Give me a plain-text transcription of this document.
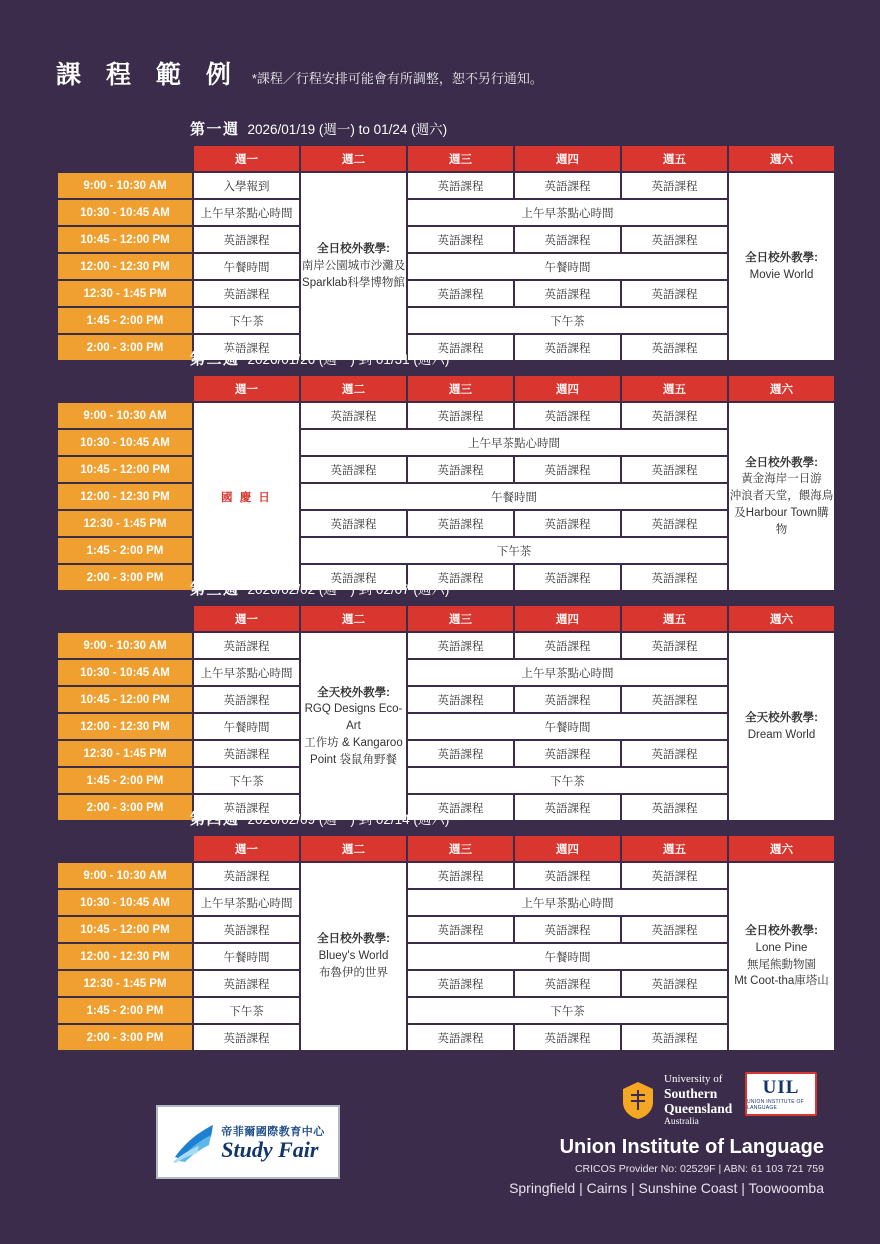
課 程 範 例 *課程／行程安排可能會有所調整，恕不另行通知。
第一週 2026/01/19 (週一) to 01/24 (週六)
	週一	週二	週三	週四	週五	週六
9:00 - 10:30 AM	入學報到	全日校外教學:
南岸公園城市沙灘及
Sparklab科學博物館	英語課程	英語課程	英語課程	全日校外教學:
Movie World
10:30 - 10:45 AM	上午早茶點心時間		上午早茶點心時間			
10:45 - 12:00 PM	英語課程		英語課程	英語課程	英語課程	
12:00 - 12:30 PM	午餐時間		午餐時間			
12:30 - 1:45 PM	英語課程		英語課程	英語課程	英語課程	
1:45 - 2:00 PM	下午茶		下午茶			
2:00 - 3:00 PM	英語課程		英語課程	英語課程	英語課程	
第二週 2026/01/26 (週一) 到 01/31 (週六)
	週一	週二	週三	週四	週五	週六
9:00 - 10:30 AM	國 慶 日	英語課程	英語課程	英語課程	英語課程	全日校外教學:
黃金海岸一日游
沖浪者天堂，餵海鳥
及Harbour Town購物
10:30 - 10:45 AM		上午早茶點心時間				
10:45 - 12:00 PM		英語課程	英語課程	英語課程	英語課程	
12:00 - 12:30 PM		午餐時間				
12:30 - 1:45 PM		英語課程	英語課程	英語課程	英語課程	
1:45 - 2:00 PM		下午茶				
2:00 - 3:00 PM		英語課程	英語課程	英語課程	英語課程	
第三週 2026/02/02 (週一) 到 02/07 (週六)
	週一	週二	週三	週四	週五	週六
9:00 - 10:30 AM	英語課程	全天校外教學:
RGQ Designs Eco-Art
工作坊 & Kangaroo
Point 袋鼠角野餐	英語課程	英語課程	英語課程	全天校外教學:
Dream World
10:30 - 10:45 AM	上午早茶點心時間		上午早茶點心時間			
10:45 - 12:00 PM	英語課程		英語課程	英語課程	英語課程	
12:00 - 12:30 PM	午餐時間		午餐時間			
12:30 - 1:45 PM	英語課程		英語課程	英語課程	英語課程	
1:45 - 2:00 PM	下午茶		下午茶			
2:00 - 3:00 PM	英語課程		英語課程	英語課程	英語課程	
第四週 2026/02/09 (週一) 到 02/14 (週六)
	週一	週二	週三	週四	週五	週六
9:00 - 10:30 AM	英語課程	全日校外教學:
Bluey's World
布魯伊的世界	英語課程	英語課程	英語課程	全日校外教學:
Lone Pine
無尾熊動物園
Mt Coot-tha庫塔山
10:30 - 10:45 AM	上午早茶點心時間		上午早茶點心時間			
10:45 - 12:00 PM	英語課程		英語課程	英語課程	英語課程	
12:00 - 12:30 PM	午餐時間		午餐時間			
12:30 - 1:45 PM	英語課程		英語課程	英語課程	英語課程	
1:45 - 2:00 PM	下午茶		下午茶			
2:00 - 3:00 PM	英語課程		英語課程	英語課程	英語課程	
帝菲爾國際教育中心
Study Fair
University of
Southern
Queensland
Australia
UIL
UNION INSTITUTE OF LANGUAGE
Union Institute of Language
CRICOS Provider No: 02529F | ABN: 61 103 721 759
Springfield | Cairns | Sunshine Coast | Toowoomba
